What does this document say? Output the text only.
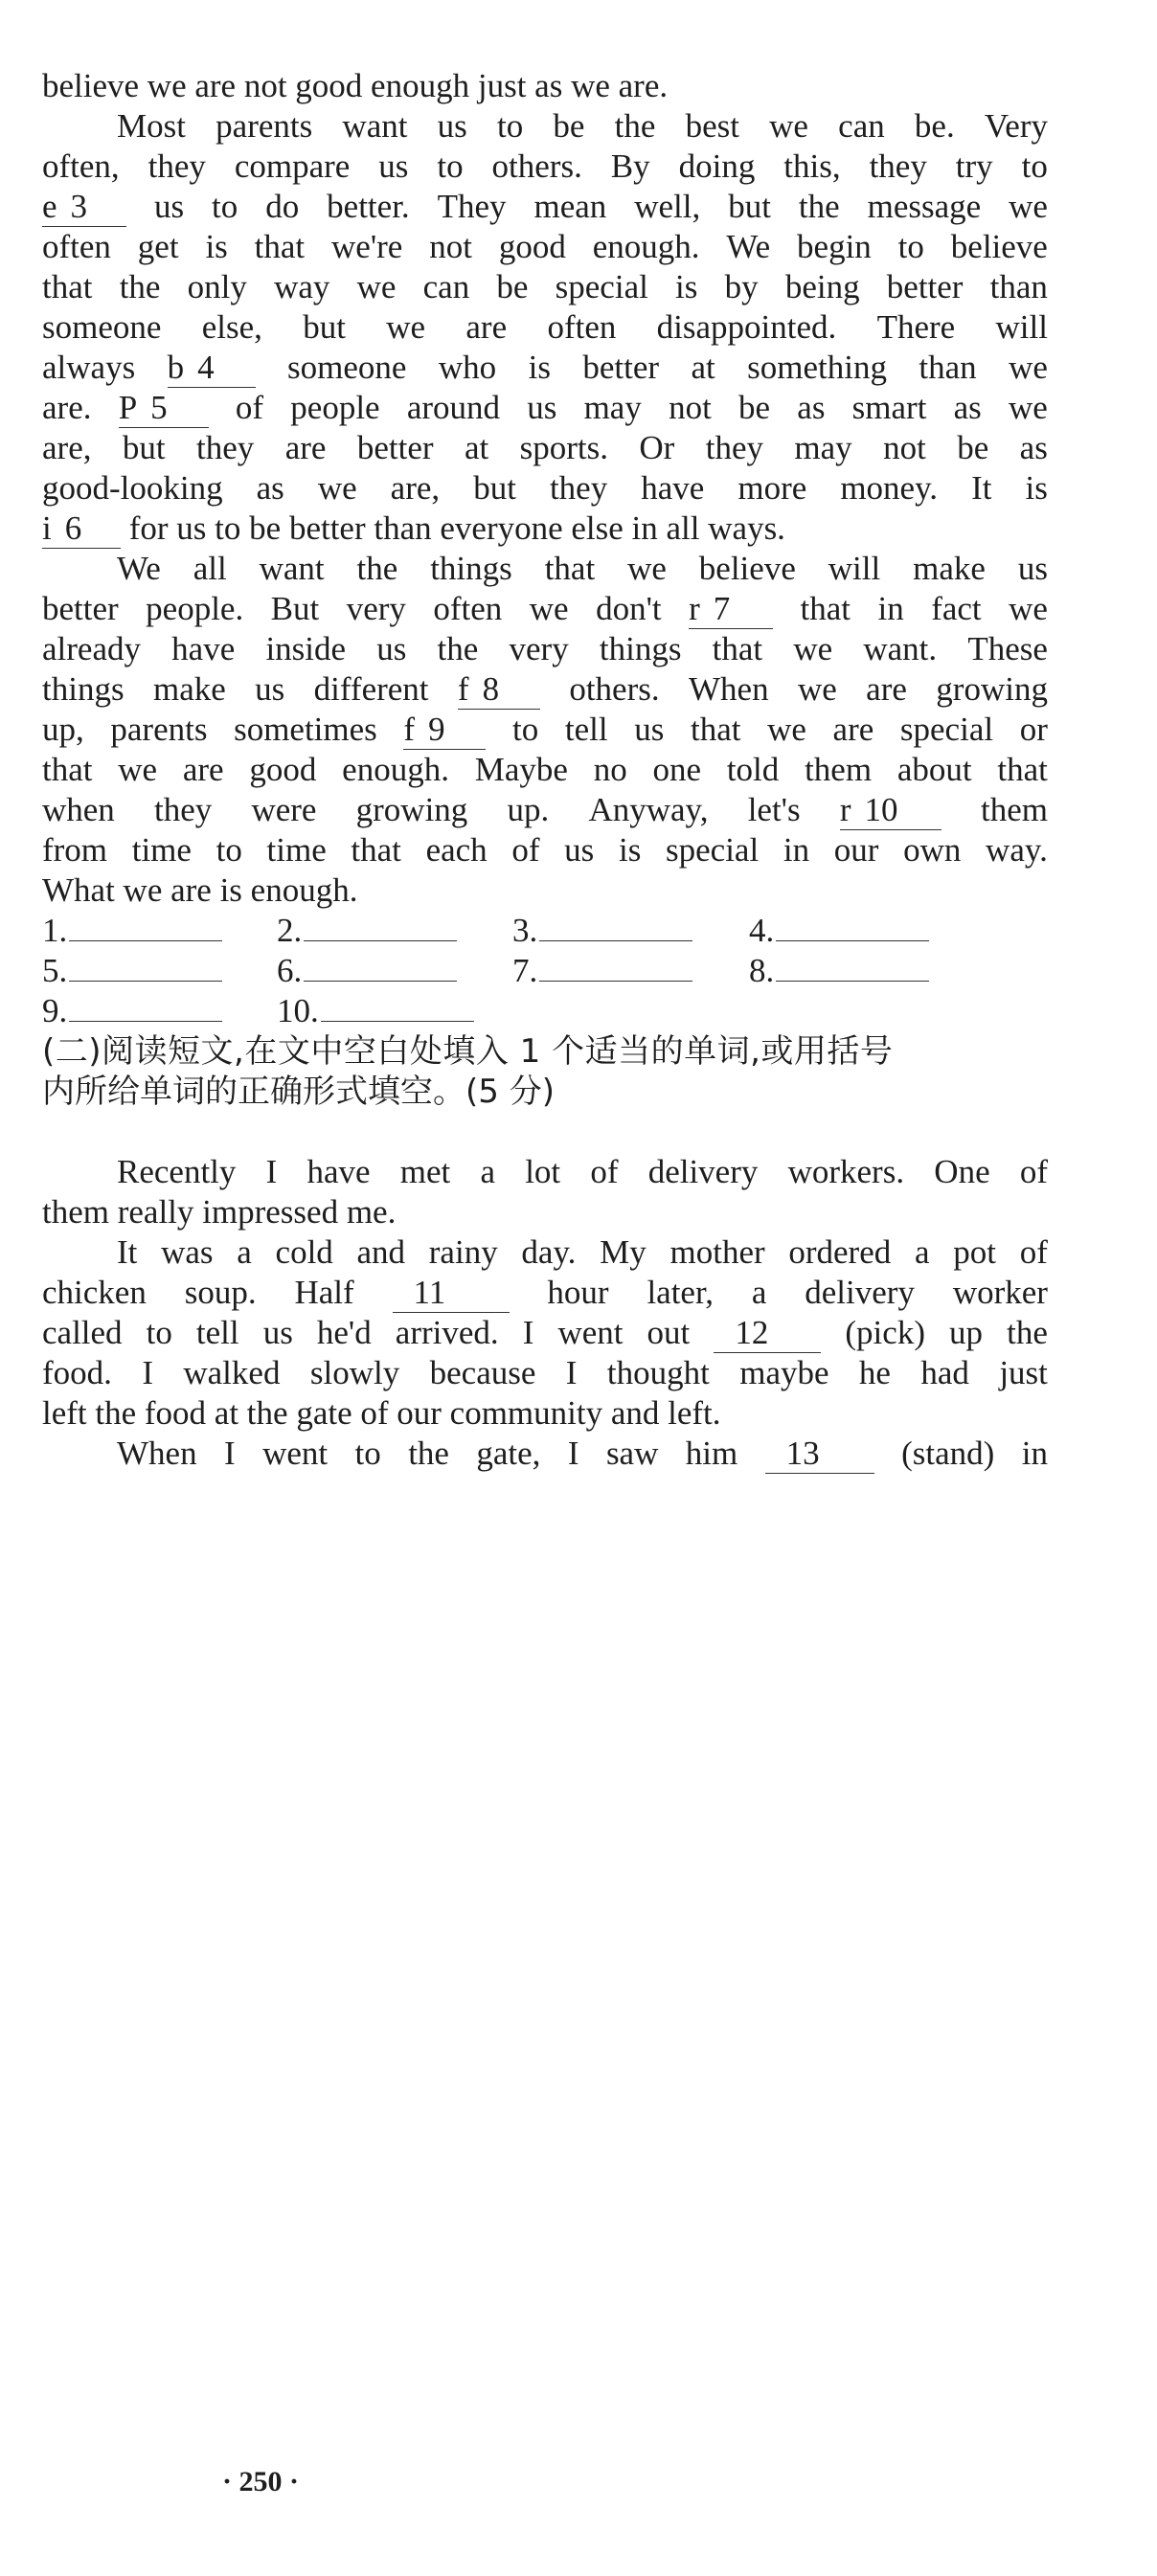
believe we are not good enough just as we are.
Most parents want us to be the best we can be. Very
often, they compare us to others. By doing this, they try to
e 3	us to do better. They mean well, but the message we
often get is that we're not good enough. We begin to believe
that the only way we can be special is by being better than
someone else, but we are often disappointed. There will
always b 4	someone who is better at something than we
are. P 5	of people around us may not be as smart as we
are, but they are better at sports. Or they may not be as
good-looking as we are, but they have more money. It is
i 6 for us to be better than everyone else in all ways.
We all want the things that we believe will make us
better people. But very often we don't r 7	that in fact we
already have inside us the very things that we want. These
things make us different f 8	others. When we are growing
up, parents sometimes f 9	to tell us that we are special or
that we are good enough. Maybe no one told them about that
when they were growing up. Anyway, let's r 10	them
from time to time that each of us is special in our own way.
What we are is enough.
1.	2.	3.	4.
5.	6.	7.	8.
9.	10.
(二)阅读短文,在文中空白处填入 1 个适当的单词,或用括号
内所给单词的正确形式填空。(5 分)
Recently I have met a lot of delivery workers. One of
them really impressed me.
It was a cold and rainy day. My mother ordered a pot of
chicken soup. Half	11	hour later, a delivery worker
called to tell us he'd arrived. I went out	12	(pick) up the
food. I walked slowly because I thought maybe he had just
left the food at the gate of our community and left.
When I went to the gate, I saw him	13	(stand) in
· 250 ·
